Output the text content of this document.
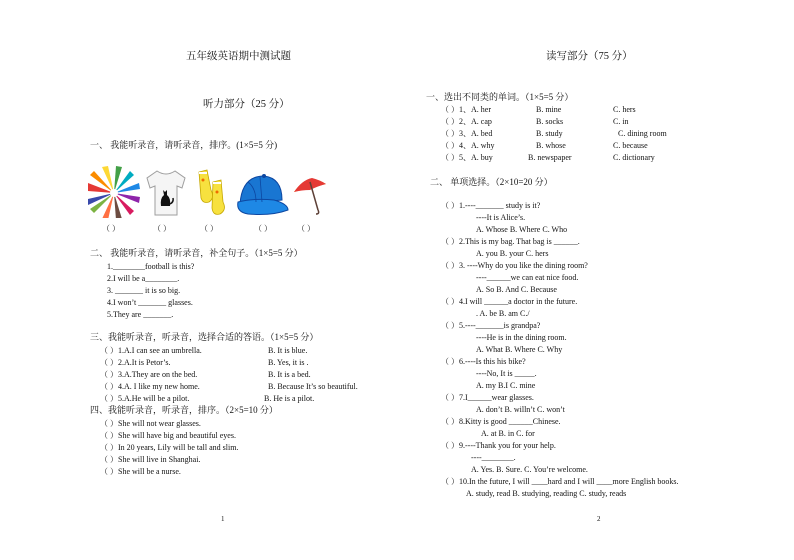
五年级英语期中测试题
听力部分（25 分）
一、 我能听录音，请听录音，排序。(1×5=5 分)
（ ）	（ ）	（ ）	（ ）	（ ）
二、 我能听录音，请听录音，补全句子。（1×5=5 分）
1.________football is this?
2.I will be a________.
3. _______ it is so big.
4.I won’t _______ glasses.
5.They are _______.
三、我能听录音，听录音，选择合适的答语。（1×5=5 分）
（ ）1.A.I can see an umbrella.	B. It is blue.
（ ）2.A.It is Petor’s.	B. Yes, it is .
（ ）3.A.They are on the bed.	B. It is a bed.
（ ）4.A. I like my new home.	B. Because It’s so beautiful.
（ ）5.A.He will be a pilot.	B. He is a pilot.
四、我能听录音，听录音，排序。（2×5=10 分）
（ ）She will not wear glasses.
（ ）She will have big and beautiful eyes.
（ ）In 20 years, Lily will be tall and slim.
（ ）She will live in Shanghai.
（ ）She will be a nurse.
1
读写部分（75 分）
一、选出不同类的单词。（1×5=5 分）
（ ）1、A. her	B. mine	C. hers
（ ）2、A. cap	B. socks	C. in
（ ）3、A. bed	B. study	C. dining room
（ ）4、A. why	B. whose	C. because
（ ）5、A. buy	B. newspaper	C. dictionary
二、 单项选择。（2×10=20 分）
（ ）1.----_______ study is it?
----It is Alice’s.
A. Whose B. Where C. Who
（ ）2.This is my bag. That bag is ______.
A. you B. your C. hers
（ ）3. ----Why do you like the dining room?
----______we can eat nice food.
A. So B. And C. Because
（ ）4.I will ______a doctor in the future.
. A. be B. am C./
（ ）5.----_______is grandpa?
----He is in the dining room.
A. What B. Where C. Why
（ ）6.----Is this his bike?
----No, It is _____.
A. my B.I C. mine
（ ）7.I______wear glasses.
A. don’t B. willn’t C. won’t
（ ）8.Kitty is good ______Chinese.
A. at B. in C. for
（ ）9.----Thank you for your help.
----________.
A. Yes. B. Sure. C. You’re welcome.
（ ）10.In the future, I will ____hard and I will ____more English books.
A. study, read B. studying, reading C. study, reads
2
